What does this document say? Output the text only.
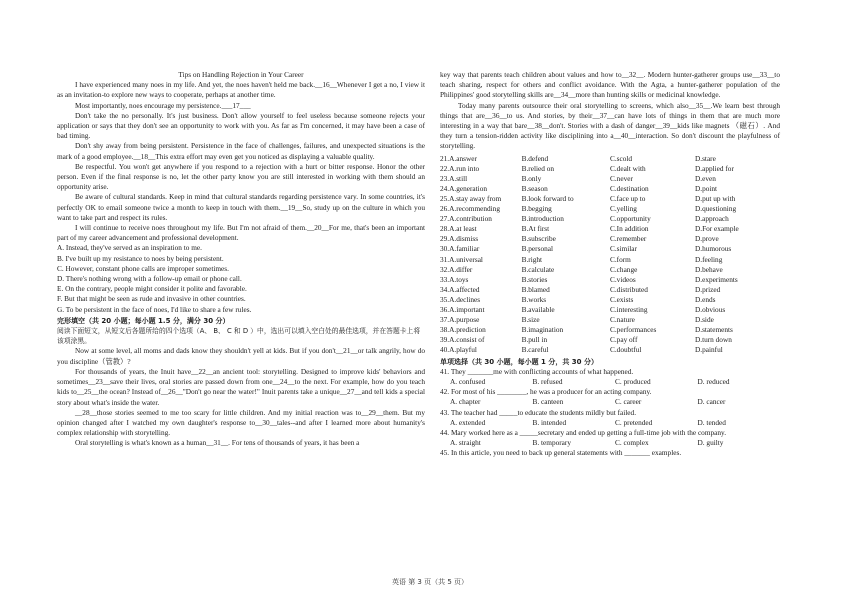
Tips on Handling Rejection in Your Career

I have experienced many noes in my life. And yet, the noes haven't held me back.__16__Whenever I get a no, I view it as an invitation-to explore new ways to cooperate, perhaps at another time.

Most importantly, noes encourage my persistence.___17___

Don't take the no personally. It's just business. Don't allow yourself to feel useless because someone rejects your application or says that they don't see an opportunity to work with you. As far as I'm concerned, it may have been a case of bad timing.

Don't shy away from being persistent. Persistence in the face of challenges, failures, and unexpected situations is the mark of a good employee.__18__This extra effort may even get you noticed as displaying a valuable quality.

Be respectful. You won't get anywhere if you respond to a rejection with a hurt or bitter response. Honor the other person. Even if the final response is no, let the other party know you are still interested in working with them should an opportunity arise.

Be aware of cultural standards. Keep in mind that cultural standards regarding persistence vary. In some countries, it's perfectly OK to email someone twice a month to keep in touch with them.__19__So, study up on the culture in which you want to take part and respect its rules.

I will continue to receive noes throughout my life. But I'm not afraid of them.__20__For me, that's been an important part of my career advancement and professional development.

A. Instead, they've served as an inspiration to me.

B. I've built up my resistance to noes by being persistent.

C. However, constant phone calls are improper sometimes.

D. There's nothing wrong with a follow-up email or phone call.

E. On the contrary, people might consider it polite and favorable.

F. But that might be seen as rude and invasive in other countries.

G. To be persistent in the face of noes, I'd like to share a few rules.

完形填空（共 20 小题；每小题 1.5 分，满分 30 分）

阅读下面短文，从短文后各题所给的四个选项（A、 B、 C 和 D ）中，选出可以填入空白处的最佳选项，并在答题卡上将该项涂黑。

Now at some level, all moms and dads know they shouldn't yell at kids. But if you don't__21__or talk angrily, how do you discipline（管教）?

For thousands of years, the Inuit have__22__an ancient tool: storytelling. Designed to improve kids' behaviors and sometimes__23__save their lives, oral stories are passed down from one__24__to the next. For example, how do you teach kids to__25__the ocean? Instead of__26__"Don't go near the water!" Inuit parents take a unique__27__and tell kids a special story about what's inside the water.

__28__those stories seemed to me too scary for little children. And my initial reaction was to__29__them. But my opinion changed after I watched my own daughter's response to__30__tales--and after I learned more about humanity's complex relationship with storytelling.

Oral storytelling is what's known as a human__31__. For tens of thousands of years, it has been a

key way that parents teach children about values and how to__32__. Modern hunter-gatherer groups use__33__to teach sharing, respect for others and conflict avoidance. With the Agta, a hunter-gatherer population of the Philippines' good storytelling skills are__34__more than hunting skills or medicinal knowledge.

Today many parents outsource their oral storytelling to screens, which also__35__.We learn best through things that are__36__to us. And stories, by their__37__can have lots of things in them that are much more interesting in a way that bare__38__don't. Stories with a dash of danger__39__kids like magnets （磁石）. And they turn a tension-ridden activity like disciplining into a__40__interaction. So don't discount the playfulness of storytelling.

21.A.answer	B.defend	C.scold	D.stare
22.A.run into	B.relied on	C.dealt with	D.applied for
23.A.still	B.only	C.never	D.even
24.A.generation	B.season	C.destination	D.point
25.A.stay away from	B.look forward to	C.face up to	D.put up with
26.A.recommending	B.begging	C.yelling	D.questioning
27.A.contribution	B.introduction	C.opportunity	D.approach
28.A.at least	B.At first	C.In addition	D.For example
29.A.dismiss	B.subscribe	C.remember	D.prove
30.A.familiar	B.personal	C.similar	D.humorous
31.A.universal	B.right	C.form	D.feeling
32.A.differ	B.calculate	C.change	D.behave
33.A.toys	B.stories	C.videos	D.experiments
34.A.affected	B.blamed	C.distributed	D.prized
35.A.declines	B.works	C.exists	D.ends
36.A.important	B.available	C.interesting	D.obvious
37.A.purpose	B.size	C.nature	D.side
38.A.prediction	B.imagination	C.performances	D.statements
39.A.consist of	B.pull in	C.pay off	D.turn down
40.A.playful	B.careful	C.doubtful	D.painful

单项选择（共 30 小题，每小题 1 分，共 30 分）

41. They _______me with conflicting accounts of what happened.

A. confused	B. refused	C. produced	D. reduced

42. For most of his ________, he was a producer for an acting company.

A. chapter	B. canteen	C. career	D. cancer

43. The teacher had _____to educate the students mildly but failed.

A. extended	B. intended	C. pretended	D. tended

44. Mary worked here as a _____secretary and ended up getting a full-time job with the company.

A. straight	B. temporary	C. complex	D. guilty

45. In this article, you need to back up general statements with _______ examples.

英语 第 3 页（共 5 页）
